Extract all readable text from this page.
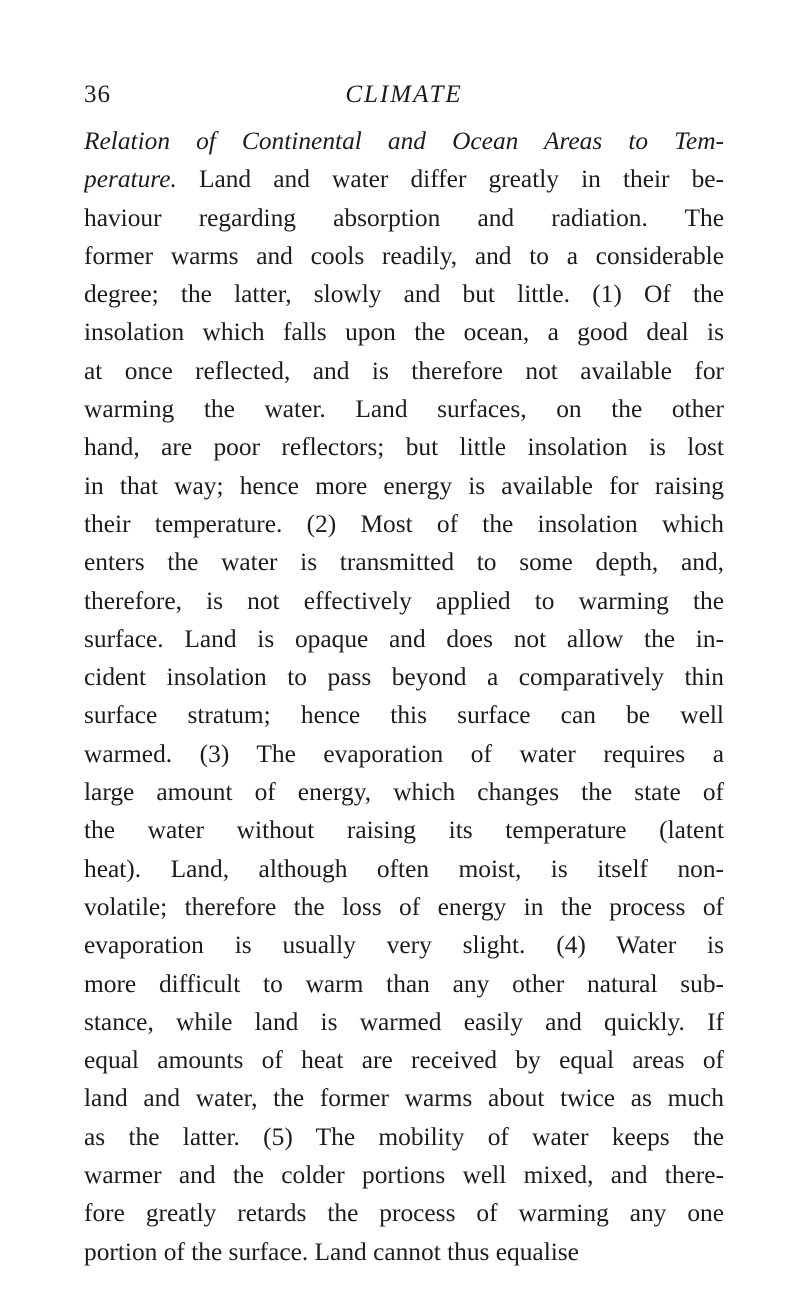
36	CLIMATE
Relation of Continental and Ocean Areas to Tem-
perature. Land and water differ greatly in their be-
haviour regarding absorption and radiation. The
former warms and cools readily, and to a considerable
degree; the latter, slowly and but little. (1) Of the
insolation which falls upon the ocean, a good deal is
at once reflected, and is therefore not available for
warming the water. Land surfaces, on the other
hand, are poor reflectors; but little insolation is lost
in that way; hence more energy is available for raising
their temperature. (2) Most of the insolation which
enters the water is transmitted to some depth, and,
therefore, is not effectively applied to warming the
surface. Land is opaque and does not allow the in-
cident insolation to pass beyond a comparatively thin
surface stratum; hence this surface can be well
warmed. (3) The evaporation of water requires a
large amount of energy, which changes the state of
the water without raising its temperature (latent
heat). Land, although often moist, is itself non-
volatile; therefore the loss of energy in the process of
evaporation is usually very slight. (4) Water is
more difficult to warm than any other natural sub-
stance, while land is warmed easily and quickly. If
equal amounts of heat are received by equal areas of
land and water, the former warms about twice as much
as the latter. (5) The mobility of water keeps the
warmer and the colder portions well mixed, and there-
fore greatly retards the process of warming any one
portion of the surface. Land cannot thus equalise
